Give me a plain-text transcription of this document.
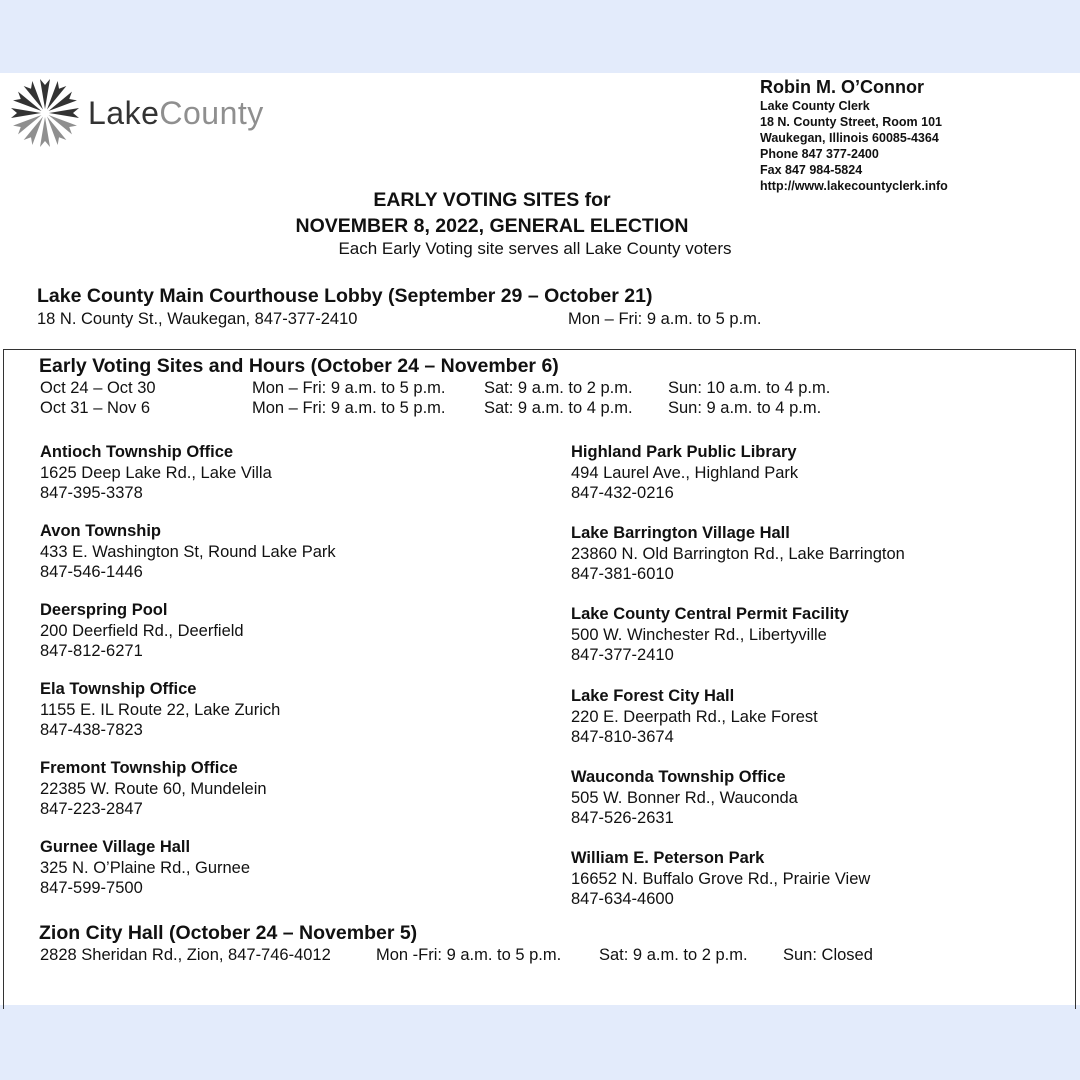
LakeCounty
Robin M. O’Connor
Lake County Clerk
18 N. County Street, Room 101
Waukegan, Illinois 60085-4364
Phone 847 377-2400
Fax 847 984-5824
http://www.lakecountyclerk.info
EARLY VOTING SITES for
NOVEMBER 8, 2022, GENERAL ELECTION
Each Early Voting site serves all Lake County voters
Lake County Main Courthouse Lobby (September 29 – October 21)
18 N. County St., Waukegan, 847-377-2410	Mon – Fri: 9 a.m. to 5 p.m.
Early Voting Sites and Hours (October 24 – November 6)
Oct 24 – Oct 30	Mon – Fri: 9 a.m. to 5 p.m. Sat: 9 a.m. to 2 p.m. Sun: 10 a.m. to 4 p.m.
Oct 31 – Nov 6	Mon – Fri: 9 a.m. to 5 p.m. Sat: 9 a.m. to 4 p.m. Sun: 9 a.m. to 4 p.m.
Antioch Township Office
1625 Deep Lake Rd., Lake Villa
847-395-3378
Avon Township
433 E. Washington St, Round Lake Park
847-546-1446
Deerspring Pool
200 Deerfield Rd., Deerfield
847-812-6271
Ela Township Office
1155 E. IL Route 22, Lake Zurich
847-438-7823
Fremont Township Office
22385 W. Route 60, Mundelein
847-223-2847
Gurnee Village Hall
325 N. O’Plaine Rd., Gurnee
847-599-7500
Highland Park Public Library
494 Laurel Ave., Highland Park
847-432-0216
Lake Barrington Village Hall
23860 N. Old Barrington Rd., Lake Barrington
847-381-6010
Lake County Central Permit Facility
500 W. Winchester Rd., Libertyville
847-377-2410
Lake Forest City Hall
220 E. Deerpath Rd., Lake Forest
847-810-3674
Wauconda Township Office
505 W. Bonner Rd., Wauconda
847-526-2631
William E. Peterson Park
16652 N. Buffalo Grove Rd., Prairie View
847-634-4600
Zion City Hall (October 24 – November 5)
2828 Sheridan Rd., Zion, 847-746-4012	Mon -Fri: 9 a.m. to 5 p.m. Sat: 9 a.m. to 2 p.m. Sun: Closed
